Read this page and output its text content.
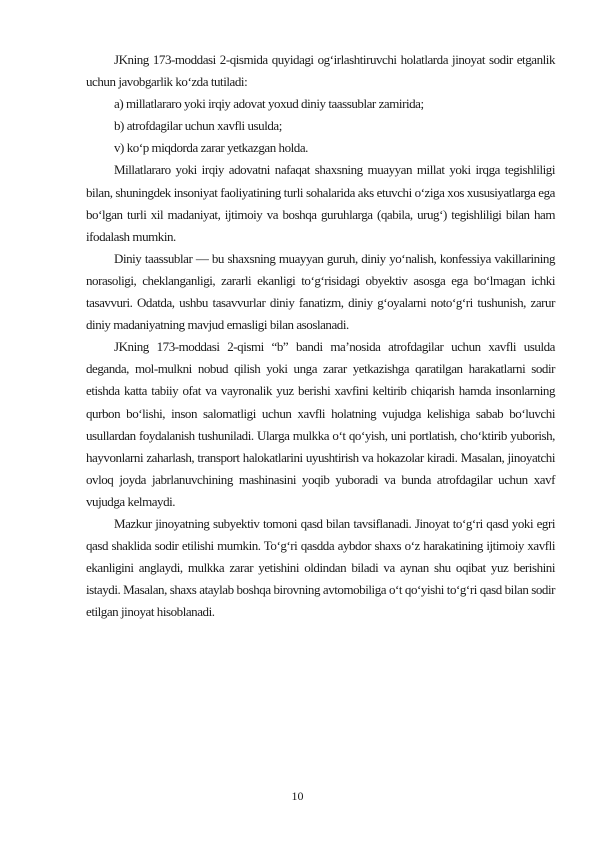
JKning 173-moddasi 2-qismida quyidagi og‘irlashtiruvchi holatlarda jinoyat sodir etganlik uchun javobgarlik ko‘zda tutiladi:

a) millatlararo yoki irqiy adovat yoxud diniy taassublar zamirida;

b) atrofdagilar uchun xavfli usulda;

v) ko‘p miqdorda zarar yetkazgan holda.

Millatlararo yoki irqiy adovatni nafaqat shaxsning muayyan millat yoki irqga tegishliligi bilan, shuningdek insoniyat faoliyatining turli sohalarida aks etuvchi o‘ziga xos xususiyatlarga ega bo‘lgan turli xil madaniyat, ijtimoiy va boshqa guruhlarga (qabila, urug‘) tegishliligi bilan ham ifodalash mumkin.

Diniy taassublar — bu shaxsning muayyan guruh, diniy yo‘nalish, konfessiya vakillarining norasoligi, cheklanganligi, zararli ekanligi to‘g‘risidagi obyektiv asosga ega bo‘lmagan ichki tasavvuri. Odatda, ushbu tasavvurlar diniy fanatizm, diniy g‘oyalarni noto‘g‘ri tushunish, zarur diniy madaniyatning mavjud emasligi bilan asoslanadi.

JKning 173-moddasi 2-qismi “b” bandi ma’nosida atrofdagilar uchun xavfli usulda deganda, mol-mulkni nobud qilish yoki unga zarar yetkazishga qaratilgan harakatlarni sodir etishda katta tabiiy ofat va vayronalik yuz berishi xavfini keltirib chiqarish hamda insonlarning qurbon bo‘lishi, inson salomatligi uchun xavfli holatning vujudga kelishiga sabab bo‘luvchi usullardan foydalanish tushuniladi. Ularga mulkka o‘t qo‘yish, uni portlatish, cho‘ktirib yuborish, hayvonlarni zaharlash, transport halokatlarini uyushtirish va hokazolar kiradi. Masalan, jinoyatchi ovloq joyda jabrlanuvchining mashinasini yoqib yuboradi va bunda atrofdagilar uchun xavf vujudga kelmaydi.

Mazkur jinoyatning subyektiv tomoni qasd bilan tavsiflanadi. Jinoyat to‘g‘ri qasd yoki egri qasd shaklida sodir etilishi mumkin. To‘g‘ri qasdda aybdor shaxs o‘z harakatining ijtimoiy xavfli ekanligini anglaydi, mulkka zarar yetishini oldindan biladi va aynan shu oqibat yuz berishini istaydi. Masalan, shaxs ataylab boshqa birovning avtomobiliga o‘t qo‘yishi to‘g‘ri qasd bilan sodir etilgan jinoyat hisoblanadi.

10
